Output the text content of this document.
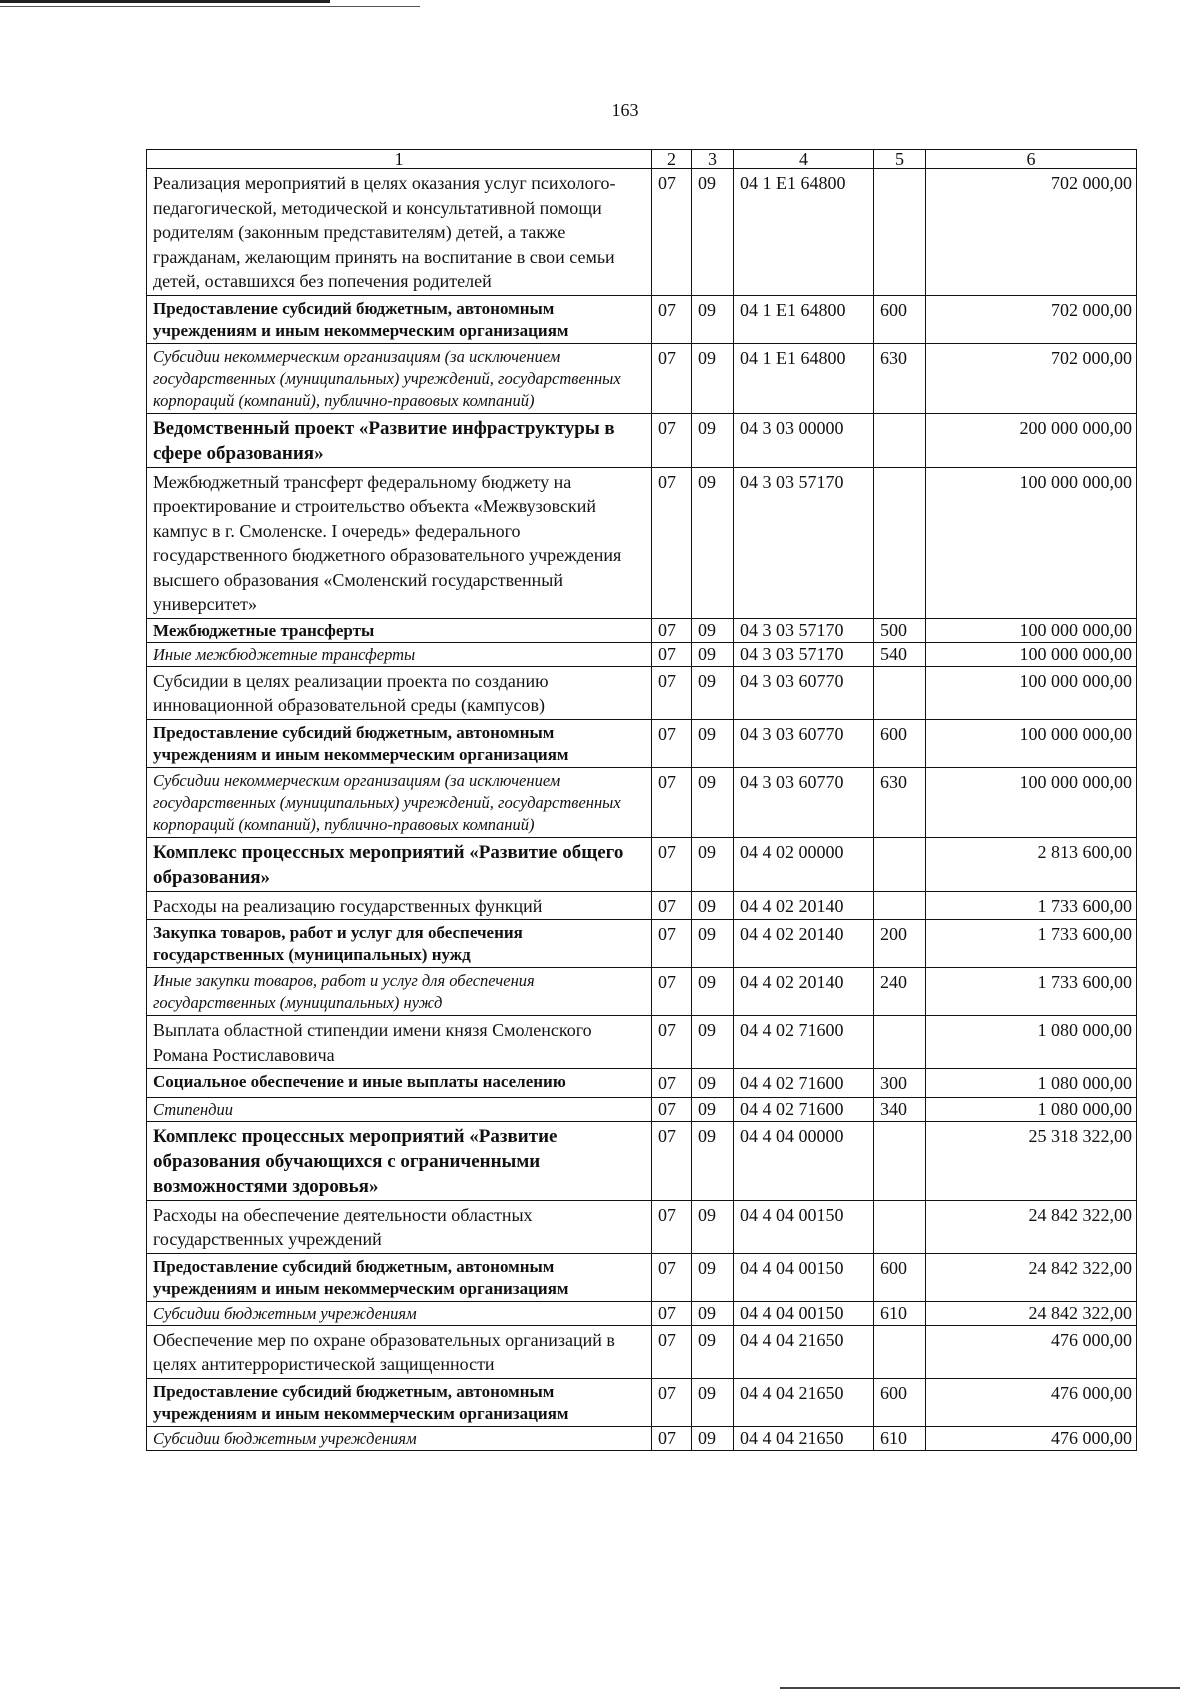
163
1	2	3	4	5	6
Реализация мероприятий в целях оказания услуг психолого-педагогической, методической и консультативной помощи родителям (законным представителям) детей, а также гражданам, желающим принять на воспитание в свои семьи детей, оставшихся без попечения родителей	07	09	04 1 E1 64800		702 000,00
Предоставление субсидий бюджетным, автономным учреждениям и иным некоммерческим организациям	07	09	04 1 E1 64800	600	702 000,00
Субсидии некоммерческим организациям (за исключением государственных (муниципальных) учреждений, государственных корпораций (компаний), публично-правовых компаний)	07	09	04 1 E1 64800	630	702 000,00
Ведомственный проект «Развитие инфраструктуры в сфере образования»	07	09	04 3 03 00000		200 000 000,00
Межбюджетный трансферт федеральному бюджету на проектирование и строительство объекта «Межвузовский кампус в г. Смоленске. I очередь» федерального государственного бюджетного образовательного учреждения высшего образования «Смоленский государственный университет»	07	09	04 3 03 57170		100 000 000,00
Межбюджетные трансферты	07	09	04 3 03 57170	500	100 000 000,00
Иные межбюджетные трансферты	07	09	04 3 03 57170	540	100 000 000,00
Субсидии в целях реализации проекта по созданию инновационной образовательной среды (кампусов)	07	09	04 3 03 60770		100 000 000,00
Предоставление субсидий бюджетным, автономным учреждениям и иным некоммерческим организациям	07	09	04 3 03 60770	600	100 000 000,00
Субсидии некоммерческим организациям (за исключением государственных (муниципальных) учреждений, государственных корпораций (компаний), публично-правовых компаний)	07	09	04 3 03 60770	630	100 000 000,00
Комплекс процессных мероприятий «Развитие общего образования»	07	09	04 4 02 00000		2 813 600,00
Расходы на реализацию государственных функций	07	09	04 4 02 20140		1 733 600,00
Закупка товаров, работ и услуг для обеспечения государственных (муниципальных) нужд	07	09	04 4 02 20140	200	1 733 600,00
Иные закупки товаров, работ и услуг для обеспечения государственных (муниципальных) нужд	07	09	04 4 02 20140	240	1 733 600,00
Выплата областной стипендии имени князя Смоленского Романа Ростиславовича	07	09	04 4 02 71600		1 080 000,00
Социальное обеспечение и иные выплаты населению	07	09	04 4 02 71600	300	1 080 000,00
Стипендии	07	09	04 4 02 71600	340	1 080 000,00
Комплекс процессных мероприятий «Развитие образования обучающихся с ограниченными возможностями здоровья»	07	09	04 4 04 00000		25 318 322,00
Расходы на обеспечение деятельности областных государственных учреждений	07	09	04 4 04 00150		24 842 322,00
Предоставление субсидий бюджетным, автономным учреждениям и иным некоммерческим организациям	07	09	04 4 04 00150	600	24 842 322,00
Субсидии бюджетным учреждениям	07	09	04 4 04 00150	610	24 842 322,00
Обеспечение мер по охране образовательных организаций в целях антитеррористической защищенности	07	09	04 4 04 21650		476 000,00
Предоставление субсидий бюджетным, автономным учреждениям и иным некоммерческим организациям	07	09	04 4 04 21650	600	476 000,00
Субсидии бюджетным учреждениям	07	09	04 4 04 21650	610	476 000,00
